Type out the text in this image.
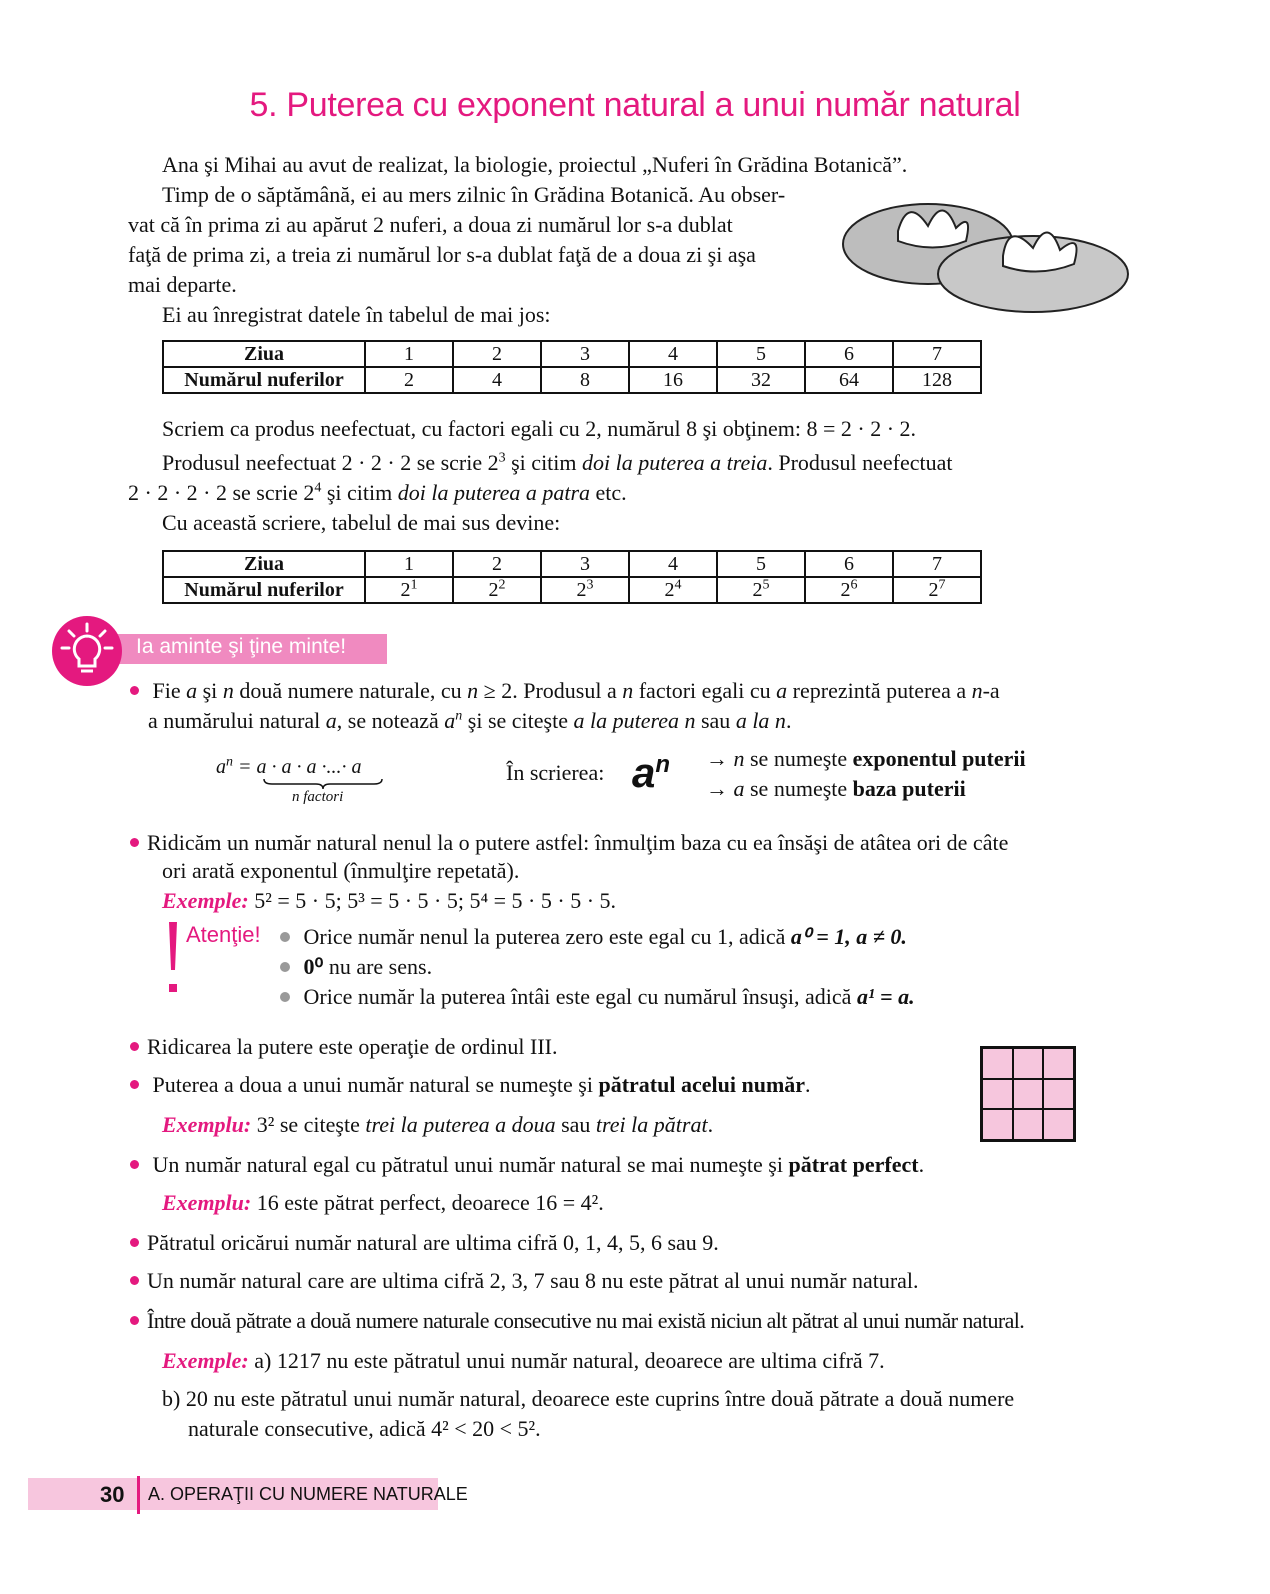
5. Puterea cu exponent natural a unui număr natural
Ana şi Mihai au avut de realizat, la biologie, proiectul „Nuferi în Grădina Botanică”.
Timp de o săptămână, ei au mers zilnic în Grădina Botanică. Au obser-
vat că în prima zi au apărut 2 nuferi, a doua zi numărul lor s-a dublat
faţă de prima zi, a treia zi numărul lor s-a dublat faţă de a doua zi şi aşa
mai departe.
Ei au înregistrat datele în tabelul de mai jos:
Ziua	1	2	3	4	5	6	7
Numărul nuferilor	2	4	8	16	32	64	128
Scriem ca produs neefectuat, cu factori egali cu 2, numărul 8 şi obţinem: 8 = 2 · 2 · 2.
Produsul neefectuat 2 · 2 · 2 se scrie $2^3$ şi citim doi la puterea a treia. Produsul neefectuat
2 · 2 · 2 · 2 se scrie $2^4$ şi citim doi la puterea a patra etc.
Cu această scriere, tabelul de mai sus devine:
Ziua	1	2	3	4	5	6	7
Numărul nuferilor	$2^1$	$2^2$	$2^3$	$2^4$	$2^5$	$2^6$	$2^7$
Ia aminte şi ţine minte!
Fie a şi n două numere naturale, cu n ≥ 2. Produsul a n factori egali cu a reprezintă puterea a n-a
a numărului natural a, se notează $a^n$ şi se citeşte a la puterea n sau a la n.
$a^n = a \cdot a \cdot a$ ·...· a
n factori
În scrierea: $a^n \to n$ se numeşte exponentul puterii
→ a se numeşte baza puterii
Ridicăm un număr natural nenul la o putere astfel: înmulţim baza cu ea însăşi de atâtea ori de câte
ori arată exponentul (înmulţire repetată).
Exemple: 5² = 5 · 5; 5³ = 5 · 5 · 5; 5⁴ = 5 · 5 · 5 · 5.
Atenţie!	Orice număr nenul la puterea zero este egal cu 1, adică a⁰ = 1, a ≠ 0.
0⁰ nu are sens.
Orice număr la puterea întâi este egal cu numărul însuşi, adică a¹ = a.
Ridicarea la putere este operaţie de ordinul III.
Puterea a doua a unui număr natural se numeşte şi pătratul acelui număr.
Exemplu: 3² se citeşte trei la puterea a doua sau trei la pătrat.
Un număr natural egal cu pătratul unui număr natural se mai numeşte şi pătrat perfect.
Exemplu: 16 este pătrat perfect, deoarece 16 = 4².
Pătratul oricărui număr natural are ultima cifră 0, 1, 4, 5, 6 sau 9.
Un număr natural care are ultima cifră 2, 3, 7 sau 8 nu este pătrat al unui număr natural.
Între două pătrate a două numere naturale consecutive nu mai există niciun alt pătrat al unui număr natural.
Exemple: a) 1217 nu este pătratul unui număr natural, deoarece are ultima cifră 7.
b) 20 nu este pătratul unui număr natural, deoarece este cuprins între două pătrate a două numere
naturale consecutive, adică 4² < 20 < 5².
30 A. OPERAŢII CU NUMERE NATURALE
